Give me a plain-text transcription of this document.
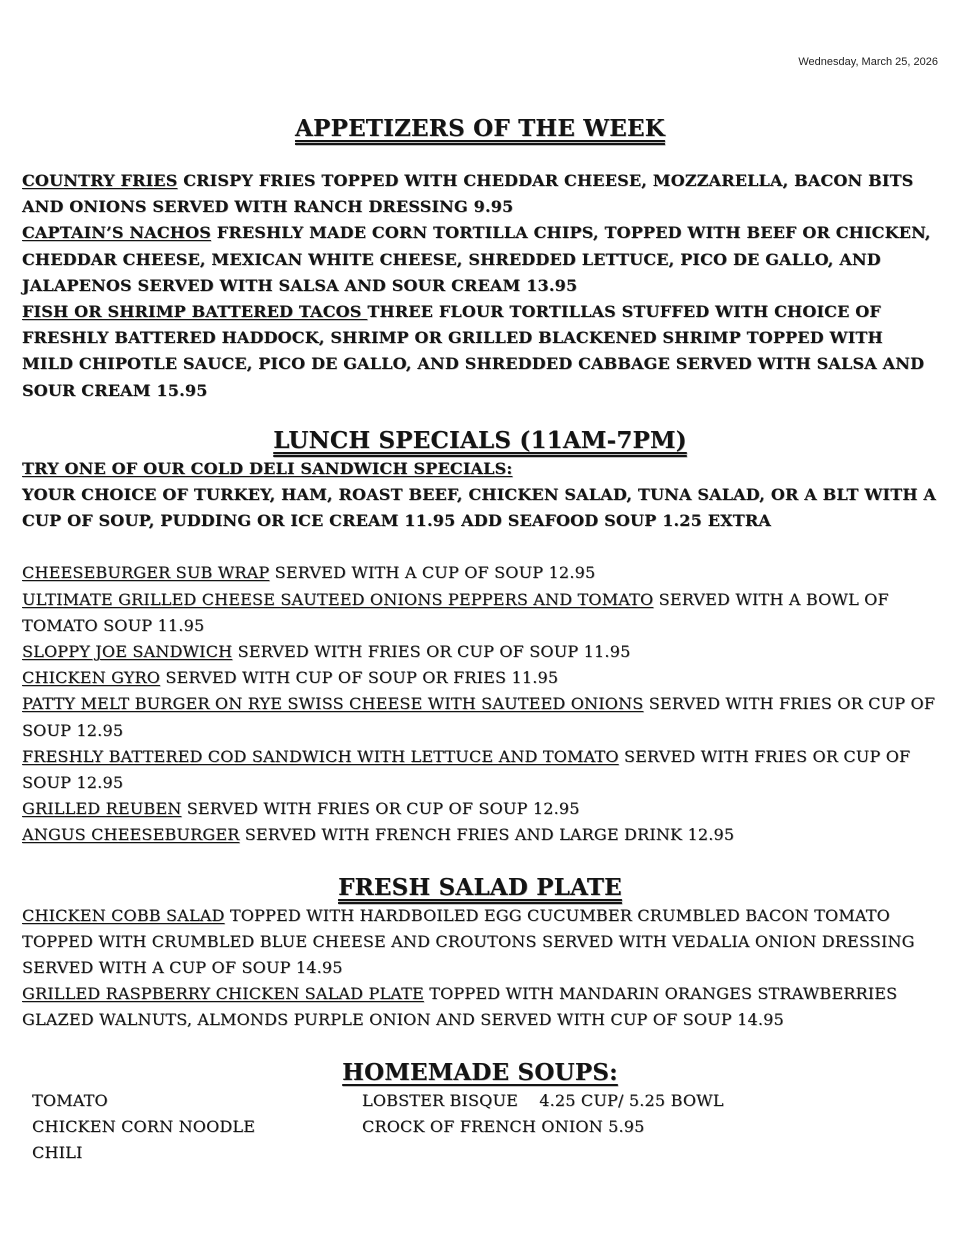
Wednesday, March 25, 2026
APPETIZERS OF THE WEEK

COUNTRY FRIES CRISPY FRIES TOPPED WITH CHEDDAR CHEESE, MOZZARELLA, BACON BITS AND ONIONS SERVED WITH RANCH DRESSING 9.95

CAPTAIN’S NACHOS FRESHLY MADE CORN TORTILLA CHIPS, TOPPED WITH BEEF OR CHICKEN, CHEDDAR CHEESE, MEXICAN WHITE CHEESE, SHREDDED LETTUCE, PICO DE GALLO, AND JALAPENOS SERVED WITH SALSA AND SOUR CREAM 13.95

FISH OR SHRIMP BATTERED TACOS THREE FLOUR TORTILLAS STUFFED WITH CHOICE OF FRESHLY BATTERED HADDOCK, SHRIMP OR GRILLED BLACKENED SHRIMP TOPPED WITH MILD CHIPOTLE SAUCE, PICO DE GALLO, AND SHREDDED CABBAGE SERVED WITH SALSA AND SOUR CREAM 15.95

LUNCH SPECIALS (11AM-7PM)

TRY ONE OF OUR COLD DELI SANDWICH SPECIALS:

YOUR CHOICE OF TURKEY, HAM, ROAST BEEF, CHICKEN SALAD, TUNA SALAD, OR A BLT WITH A CUP OF SOUP, PUDDING OR ICE CREAM 11.95 ADD SEAFOOD SOUP 1.25 EXTRA

CHEESEBURGER SUB WRAP SERVED WITH A CUP OF SOUP 12.95

ULTIMATE GRILLED CHEESE SAUTEED ONIONS PEPPERS AND TOMATO SERVED WITH A BOWL OF TOMATO SOUP 11.95

SLOPPY JOE SANDWICH SERVED WITH FRIES OR CUP OF SOUP 11.95

CHICKEN GYRO SERVED WITH CUP OF SOUP OR FRIES 11.95

PATTY MELT BURGER ON RYE SWISS CHEESE WITH SAUTEED ONIONS SERVED WITH FRIES OR CUP OF SOUP 12.95

FRESHLY BATTERED COD SANDWICH WITH LETTUCE AND TOMATO SERVED WITH FRIES OR CUP OF SOUP 12.95

GRILLED REUBEN SERVED WITH FRIES OR CUP OF SOUP 12.95

ANGUS CHEESEBURGER SERVED WITH FRENCH FRIES AND LARGE DRINK 12.95

FRESH SALAD PLATE

CHICKEN COBB SALAD TOPPED WITH HARDBOILED EGG CUCUMBER CRUMBLED BACON TOMATO TOPPED WITH CRUMBLED BLUE CHEESE AND CROUTONS SERVED WITH VEDALIA ONION DRESSING SERVED WITH A CUP OF SOUP 14.95

GRILLED RASPBERRY CHICKEN SALAD PLATE TOPPED WITH MANDARIN ORANGES STRAWBERRIES GLAZED WALNUTS, ALMONDS PURPLE ONION AND SERVED WITH CUP OF SOUP 14.95

HOMEMADE SOUPS:
TOMATO
CHICKEN CORN NOODLE
CHILI
LOBSTER BISQUE    4.25 CUP/ 5.25 BOWL
CROCK OF FRENCH ONION 5.95
